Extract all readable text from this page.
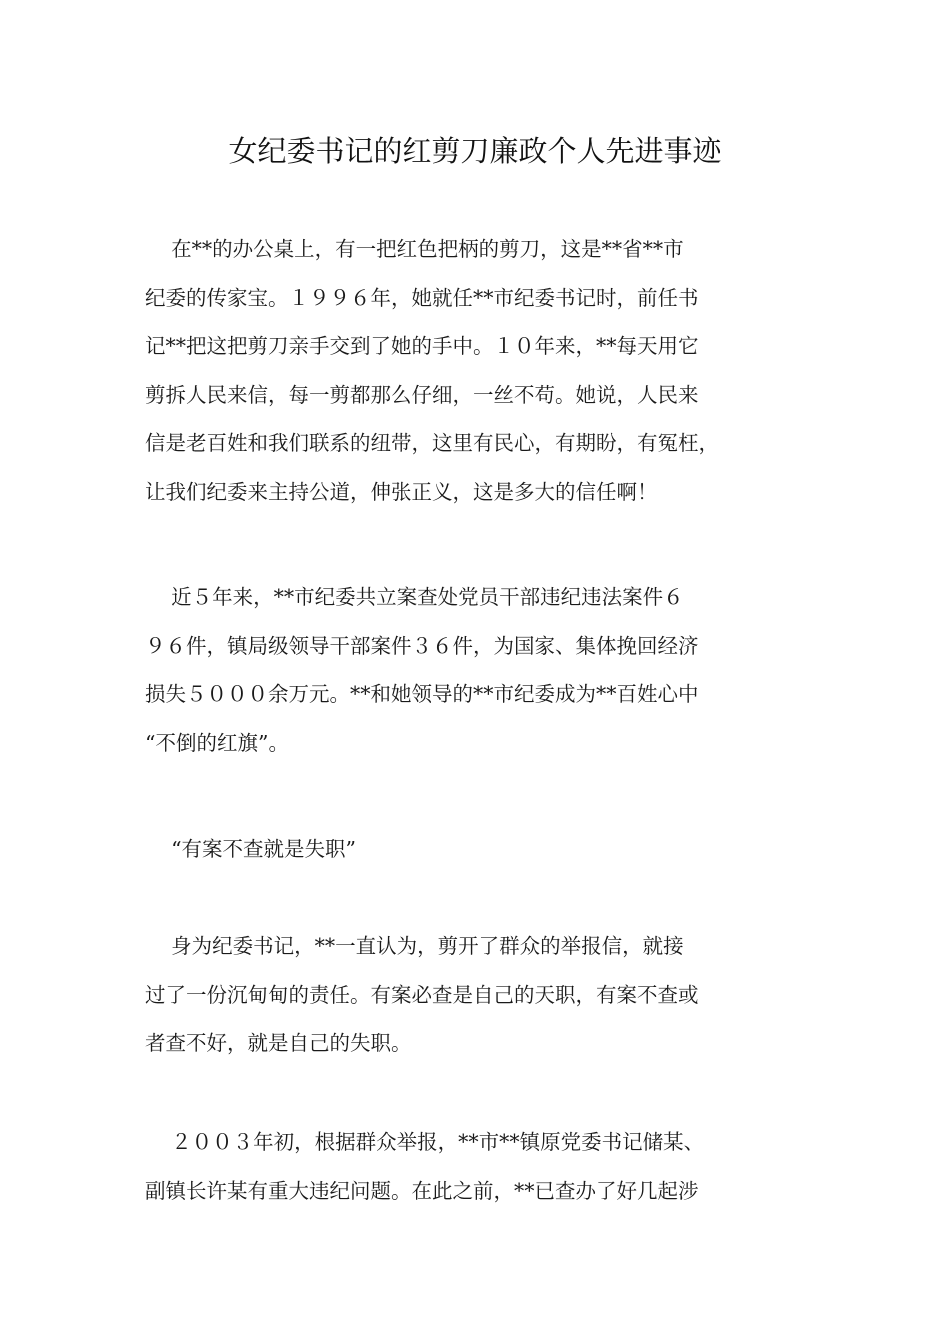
女纪委书记的红剪刀廉政个人先进事迹
在**的办公桌上，有一把红色把柄的剪刀，这是**省**市
纪委的传家宝。１９９６年，她就任**市纪委书记时，前任书
记**把这把剪刀亲手交到了她的手中。１０年来，**每天用它
剪拆人民来信，每一剪都那么仔细，一丝不苟。她说，人民来
信是老百姓和我们联系的纽带，这里有民心，有期盼，有冤枉，
让我们纪委来主持公道，伸张正义，这是多大的信任啊！
近５年来，**市纪委共立案查处党员干部违纪违法案件６
９６件，镇局级领导干部案件３６件，为国家、集体挽回经济
损失５０００余万元。**和她领导的**市纪委成为**百姓心中
“不倒的红旗”。
“有案不查就是失职”
身为纪委书记，**一直认为，剪开了群众的举报信，就接
过了一份沉甸甸的责任。有案必查是自己的天职，有案不查或
者查不好，就是自己的失职。
２００３年初，根据群众举报，**市**镇原党委书记储某、
副镇长许某有重大违纪问题。在此之前，**已查办了好几起涉
